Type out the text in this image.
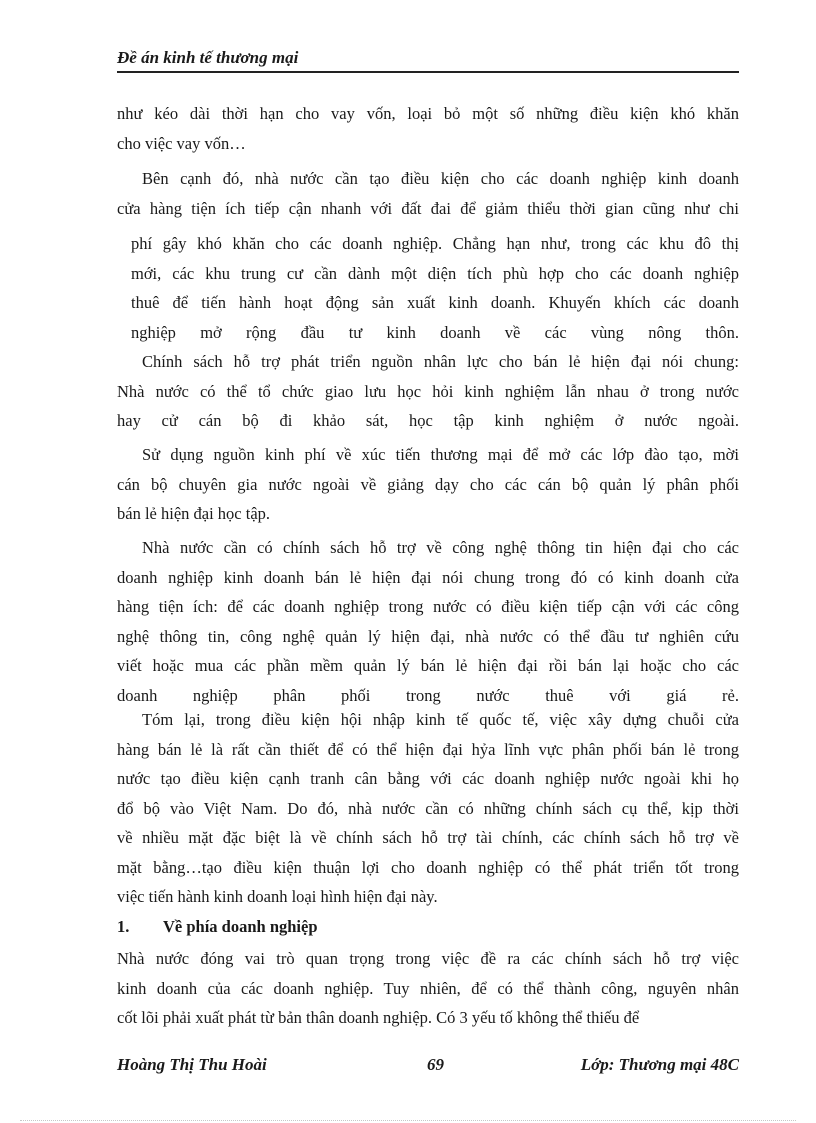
Đề án kinh tế thương mại
như kéo dài thời hạn cho vay vốn, loại bỏ một số những điều kiện khó khăn
cho việc vay vốn…
Bên cạnh đó, nhà nước cần tạo điều kiện cho các doanh nghiệp kinh doanh
cửa hàng tiện ích tiếp cận nhanh với đất đai để giảm thiểu thời gian cũng như chi
phí gây khó khăn cho các doanh nghiệp. Chẳng hạn như, trong các khu đô thị
mới, các khu trung cư cần dành một diện tích phù hợp cho các doanh nghiệp
thuê để tiến hành hoạt động sản xuất kinh doanh. Khuyến khích các doanh
nghiệp mở rộng đầu tư kinh doanh về các vùng nông thôn.
Chính sách hỗ trợ phát triển nguồn nhân lực cho bán lẻ hiện đại nói chung:
Nhà nước có thể tổ chức giao lưu học hỏi kinh nghiệm lẫn nhau ở trong nước
hay cử cán bộ đi khảo sát, học tập kinh nghiệm ở nước ngoài.
Sử dụng nguồn kinh phí về xúc tiến thương mại để mở các lớp đào tạo, mời
cán bộ chuyên gia nước ngoài về giảng dạy cho các cán bộ quản lý phân phối
bán lẻ hiện đại học tập.
Nhà nước cần có chính sách hỗ trợ về công nghệ thông tin hiện đại cho các
doanh nghiệp kinh doanh bán lẻ hiện đại nói chung trong đó có kinh doanh cửa
hàng tiện ích: để các doanh nghiệp trong nước có điều kiện tiếp cận với các công
nghệ thông tin, công nghệ quản lý hiện đại, nhà nước có thể đầu tư nghiên cứu
viết hoặc mua các phần mềm quản lý bán lẻ hiện đại rồi bán lại hoặc cho các
doanh nghiệp phân phối trong nước thuê với giá rẻ.
Tóm lại, trong điều kiện hội nhập kinh tế quốc tế, việc xây dựng chuỗi cửa
hàng bán lẻ là rất cần thiết để có thể hiện đại hỷa lĩnh vực phân phối bán lẻ trong
nước tạo điều kiện cạnh tranh cân bằng với các doanh nghiệp nước ngoài khi họ
đổ bộ vào Việt Nam. Do đó, nhà nước cần có những chính sách cụ thể, kịp thời
về nhiều mặt đặc biệt là về chính sách hỗ trợ tài chính, các chính sách hỗ trợ về
mặt bằng…tạo điều kiện thuận lợi cho doanh nghiệp có thể phát triển tốt trong
việc tiến hành kinh doanh loại hình hiện đại này.
1. Về phía doanh nghiệp
Nhà nước đóng vai trò quan trọng trong việc đề ra các chính sách hỗ trợ việc
kinh doanh của các doanh nghiệp. Tuy nhiên, để có thể thành công, nguyên nhân
cốt lõi phải xuất phát từ bản thân doanh nghiệp. Có 3 yếu tố không thể thiếu để
Hoàng Thị Thu Hoài	69	Lớp: Thương mại 48C
